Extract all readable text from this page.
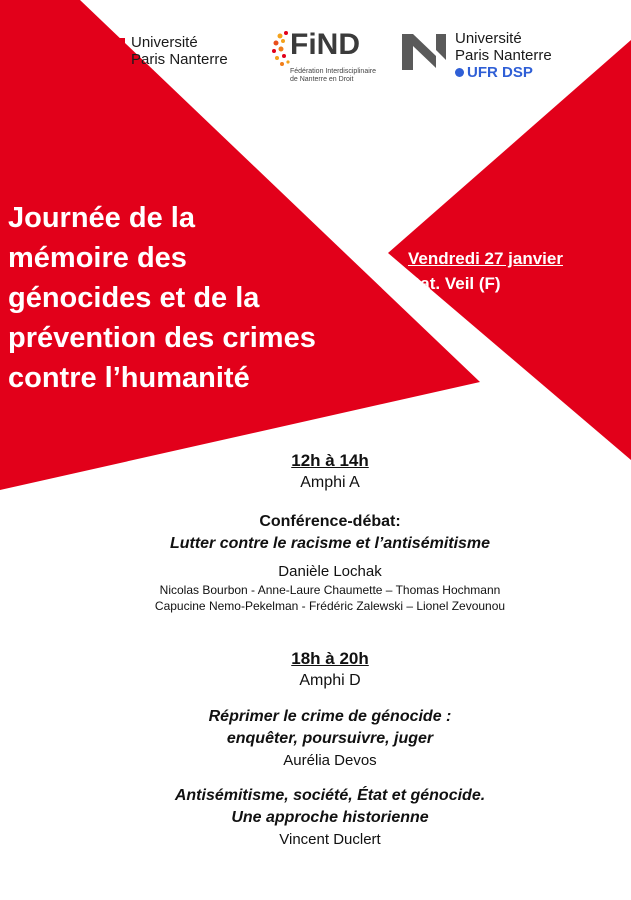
Université
Paris Nanterre FiND
Fédération Interdisciplinaire
de Nanterre en Droit
Université
Paris Nanterre
UFR DSP
Journée de la
mémoire des
génocides et de la
prévention des crimes
contre l’humanité
Vendredi 27 janvier
Bat. Veil (F)

12h à 14h

Amphi A

Conférence-débat:

Lutter contre le racisme et l’antisémitisme

Danièle Lochak

Nicolas Bourbon - Anne-Laure Chaumette – Thomas Hochmann

Capucine Nemo-Pekelman - Frédéric Zalewski – Lionel Zevounou

18h à 20h

Amphi D

Réprimer le crime de génocide :

enquêter, poursuivre, juger

Aurélia Devos

Antisémitisme, société, État et génocide.

Une approche historienne

Vincent Duclert
